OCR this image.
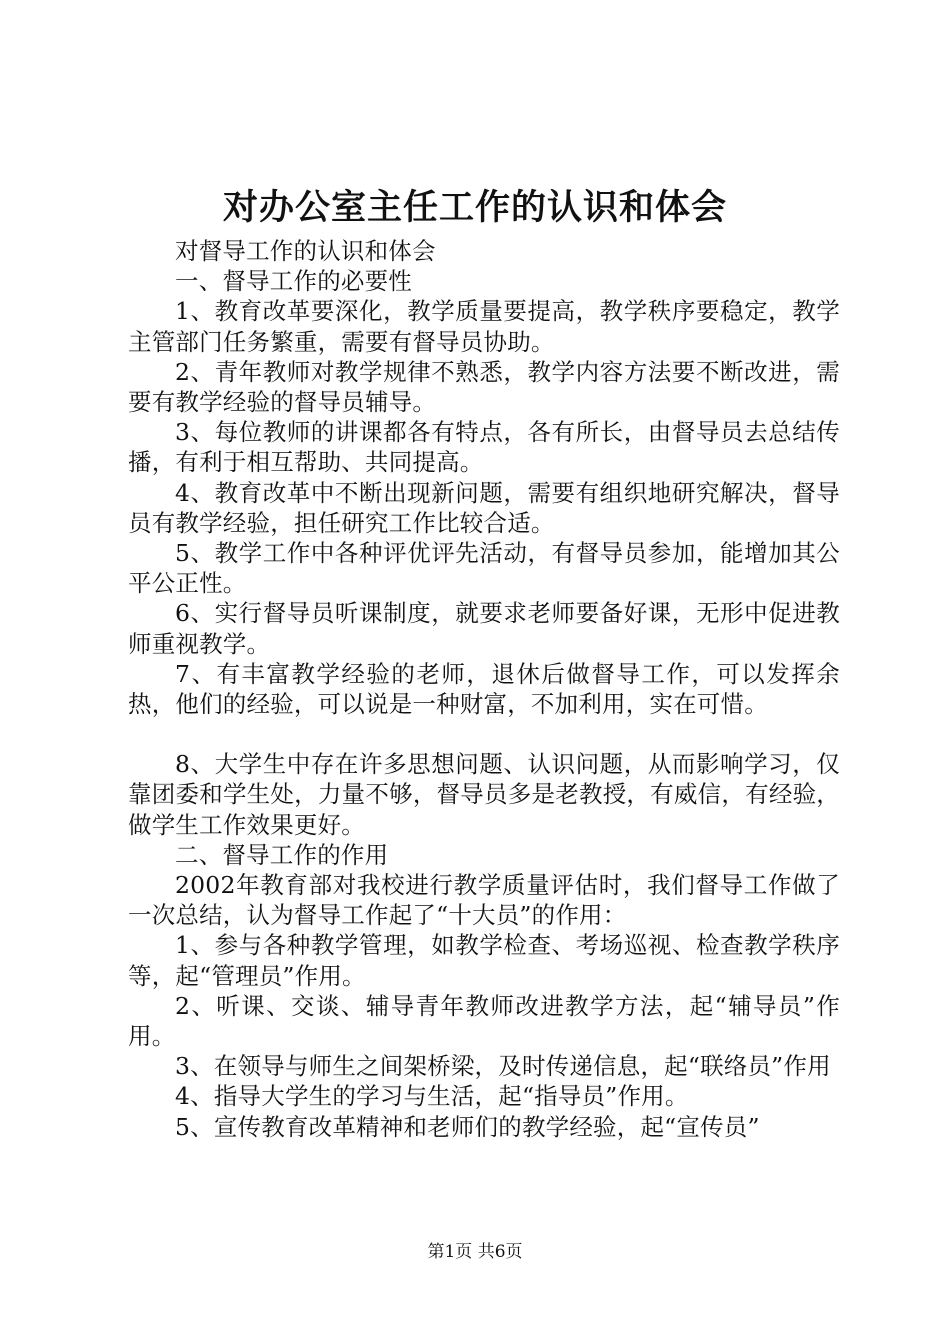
对办公室主任工作的认识和体会

对督导工作的认识和体会

一、督导工作的必要性

1、教育改革要深化，教学质量要提高，教学秩序要稳定，教学主管部门任务繁重，需要有督导员协助。

2、青年教师对教学规律不熟悉，教学内容方法要不断改进，需要有教学经验的督导员辅导。

3、每位教师的讲课都各有特点，各有所长，由督导员去总结传播，有利于相互帮助、共同提高。

4、教育改革中不断出现新问题，需要有组织地研究解决，督导员有教学经验，担任研究工作比较合适。

5、教学工作中各种评优评先活动，有督导员参加，能增加其公平公正性。

6、实行督导员听课制度，就要求老师要备好课，无形中促进教师重视教学。

7、有丰富教学经验的老师，退休后做督导工作，可以发挥余热，他们的经验，可以说是一种财富，不加利用，实在可惜。

8、大学生中存在许多思想问题、认识问题，从而影响学习，仅靠团委和学生处，力量不够，督导员多是老教授，有威信，有经验，做学生工作效果更好。

二、督导工作的作用

2002年教育部对我校进行教学质量评估时，我们督导工作做了一次总结，认为督导工作起了“十大员”的作用：

1、参与各种教学管理，如教学检查、考场巡视、检查教学秩序等，起“管理员”作用。

2、听课、交谈、辅导青年教师改进教学方法，起“辅导员”作用。

3、在领导与师生之间架桥梁，及时传递信息，起“联络员”作用

4、指导大学生的学习与生活，起“指导员”作用。

5、宣传教育改革精神和老师们的教学经验，起“宣传员”

第1页 共6页
